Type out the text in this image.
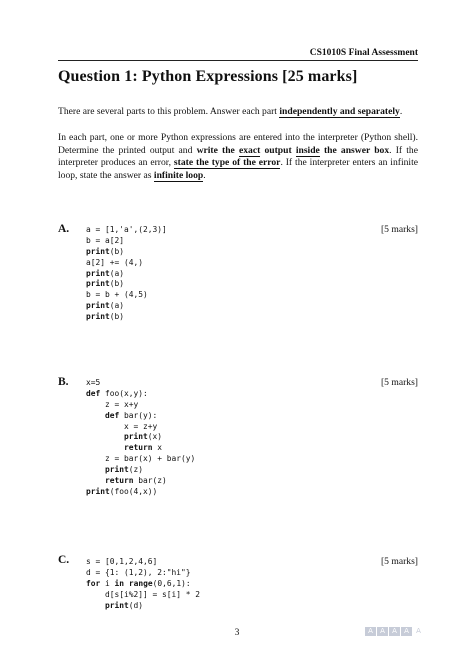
CS1010S Final Assessment
Question 1: Python Expressions [25 marks]
There are several parts to this problem. Answer each part independently and separately.
In each part, one or more Python expressions are entered into the interpreter (Python shell). Determine the printed output and write the exact output inside the answer box. If the interpreter produces an error, state the type of the error. If the interpreter enters an infinite loop, state the answer as infinite loop.
A.	[5 marks]
a = [1,'a',(2,3)]
b = a[2]
print(b)
a[2] += (4,)
print(a)
print(b)
b = b + (4,5)
print(a)
print(b)
B.	[5 marks]
x=5
def foo(x,y):
z = x+y
def bar(y):
x = z+y
print(x)
return x
z = bar(x) + bar(y)
print(z)
return bar(z)
print(foo(4,x))
C.	[5 marks]
s = [0,1,2,4,6]
d = {1: (1,2), 2:"hi"}
for i in range(0,6,1):
d[s[i%2]] = s[i] * 2
print(d)
3	A	A	A	A	A
